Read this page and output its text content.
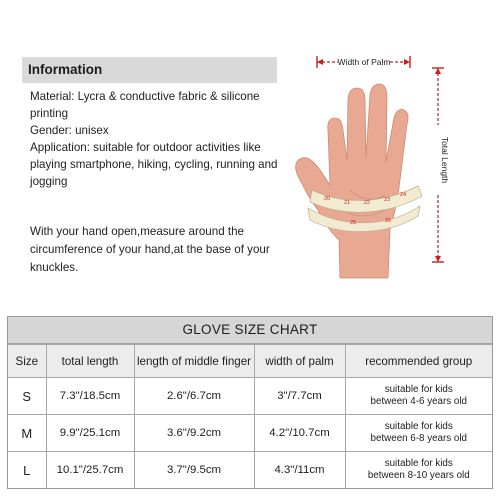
Information

Material: Lycra & conductive fabric & silicone printing

Gender: unisex

Application: suitable for outdoor activities like playing smartphone, hiking, cycling, running and jogging

With your hand open,measure around the circumference of your hand,at the base of your knuckles.
Width of Palm
Total Length
20
21	22	23
24
25	26
GLOVE SIZE CHART
Size	total length	length of middle finger	width of palm	recommended group
S	7.3"/18.5cm	2.6"/6.7cm	3"/7.7cm	suitable for kids
between 4-6 years old
M	9.9"/25.1cm	3.6"/9.2cm	4.2"/10.7cm	suitable for kids
between 6-8 years old
L	10.1"/25.7cm	3.7"/9.5cm	4.3"/11cm	suitable for kids
between 8-10 years old
